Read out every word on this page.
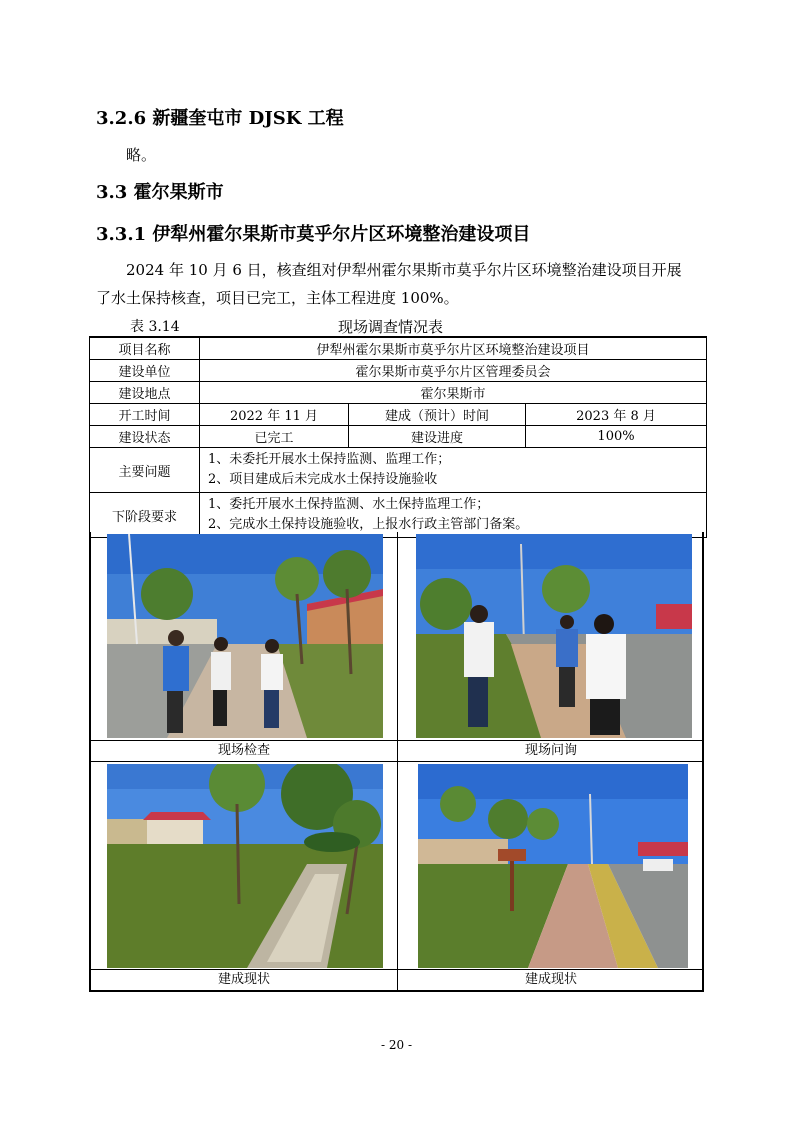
3.2.6 新疆奎屯市 DJSK 工程

略。

3.3 霍尔果斯市
3.3.1 伊犁州霍尔果斯市莫乎尔片区环境整治建设项目

2024 年 10 月 6 日，核查组对伊犁州霍尔果斯市莫乎尔片区环境整治建设项目开展
了水土保持核查，项目已完工，主体工程进度 100%。

表 3.14	现场调查情况表
项目名称	伊犁州霍尔果斯市莫乎尔片区环境整治建设项目		
建设单位	霍尔果斯市莫乎尔片区管理委员会		
建设地点	霍尔果斯市		
开工时间	2022 年 11 月	建成（预计）时间	2023 年 8 月
建设状态	已完工	建设进度	100%
主要问题	1、未委托开展水土保持监测、监理工作；
2、项目建成后未完成水土保持设施验收		

下阶段要求	1、委托开展水土保持监测、水土保持监理工作；
2、完成水土保持设施验收，上报水行政主管部门备案。		
现场检查	现场问询
建成现状	建成现状
- 20 -
